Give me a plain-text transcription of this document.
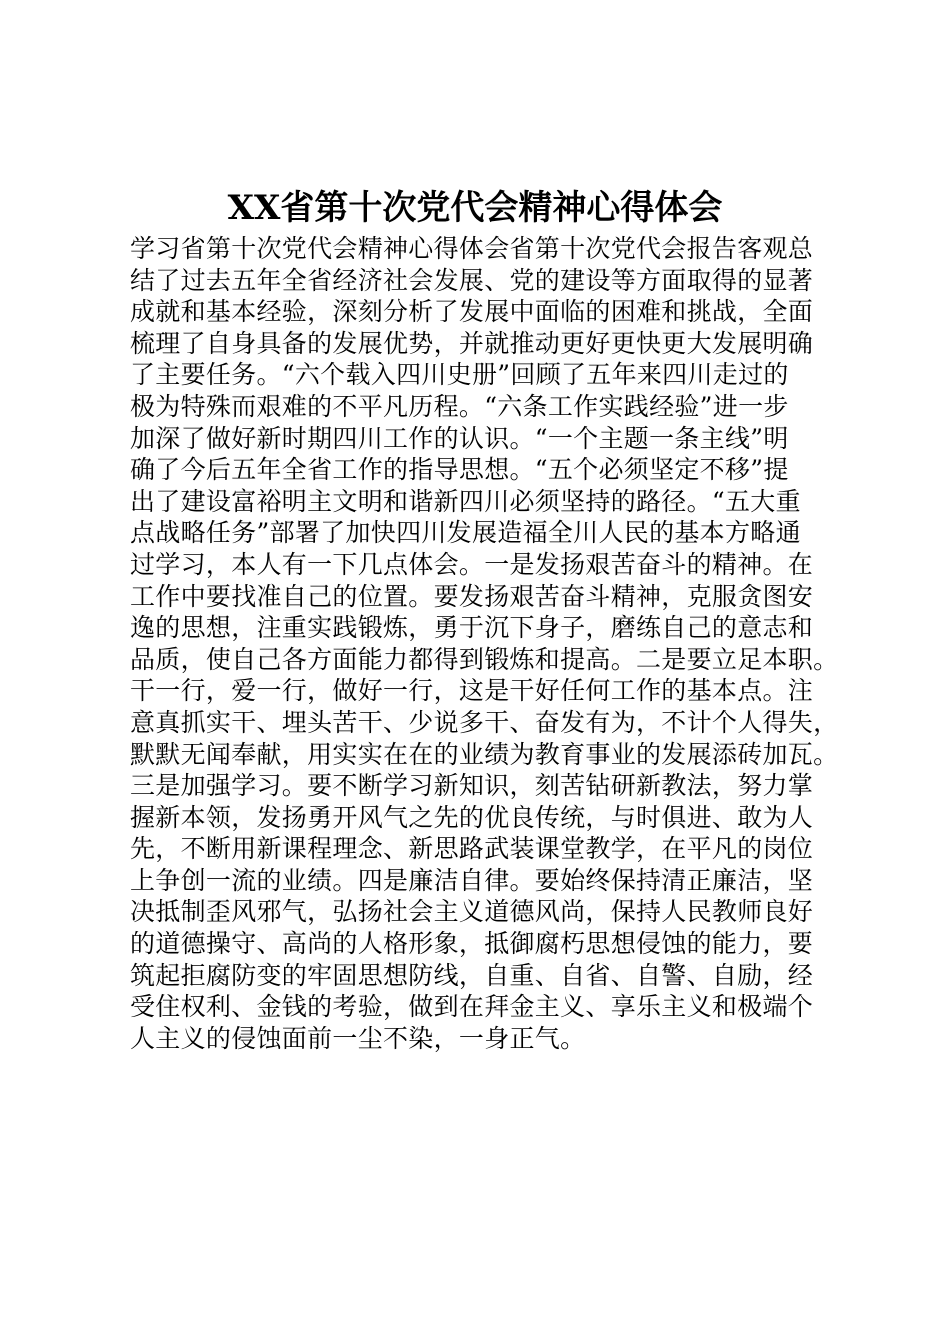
XX省第十次党代会精神心得体会
学习省第十次党代会精神心得体会省第十次党代会报告客观总
结了过去五年全省经济社会发展、党的建设等方面取得的显著
成就和基本经验，深刻分析了发展中面临的困难和挑战，全面
梳理了自身具备的发展优势，并就推动更好更快更大发展明确
了主要任务。“六个载入四川史册”回顾了五年来四川走过的
极为特殊而艰难的不平凡历程。“六条工作实践经验”进一步
加深了做好新时期四川工作的认识。“一个主题一条主线”明
确了今后五年全省工作的指导思想。“五个必须坚定不移”提
出了建设富裕明主文明和谐新四川必须坚持的路径。“五大重
点战略任务”部署了加快四川发展造福全川人民的基本方略通
过学习，本人有一下几点体会。一是发扬艰苦奋斗的精神。在
工作中要找准自己的位置。要发扬艰苦奋斗精神，克服贪图安
逸的思想，注重实践锻炼，勇于沉下身子，磨练自己的意志和
品质，使自己各方面能力都得到锻炼和提高。二是要立足本职。
干一行，爱一行，做好一行，这是干好任何工作的基本点。注
意真抓实干、埋头苦干、少说多干、奋发有为，不计个人得失，
默默无闻奉献，用实实在在的业绩为教育事业的发展添砖加瓦。
三是加强学习。要不断学习新知识，刻苦钻研新教法，努力掌
握新本领，发扬勇开风气之先的优良传统，与时俱进、敢为人
先，不断用新课程理念、新思路武装课堂教学，在平凡的岗位
上争创一流的业绩。四是廉洁自律。要始终保持清正廉洁，坚
决抵制歪风邪气，弘扬社会主义道德风尚，保持人民教师良好
的道德操守、高尚的人格形象，抵御腐朽思想侵蚀的能力，要
筑起拒腐防变的牢固思想防线，自重、自省、自警、自励，经
受住权利、金钱的考验，做到在拜金主义、享乐主义和极端个
人主义的侵蚀面前一尘不染，一身正气。
